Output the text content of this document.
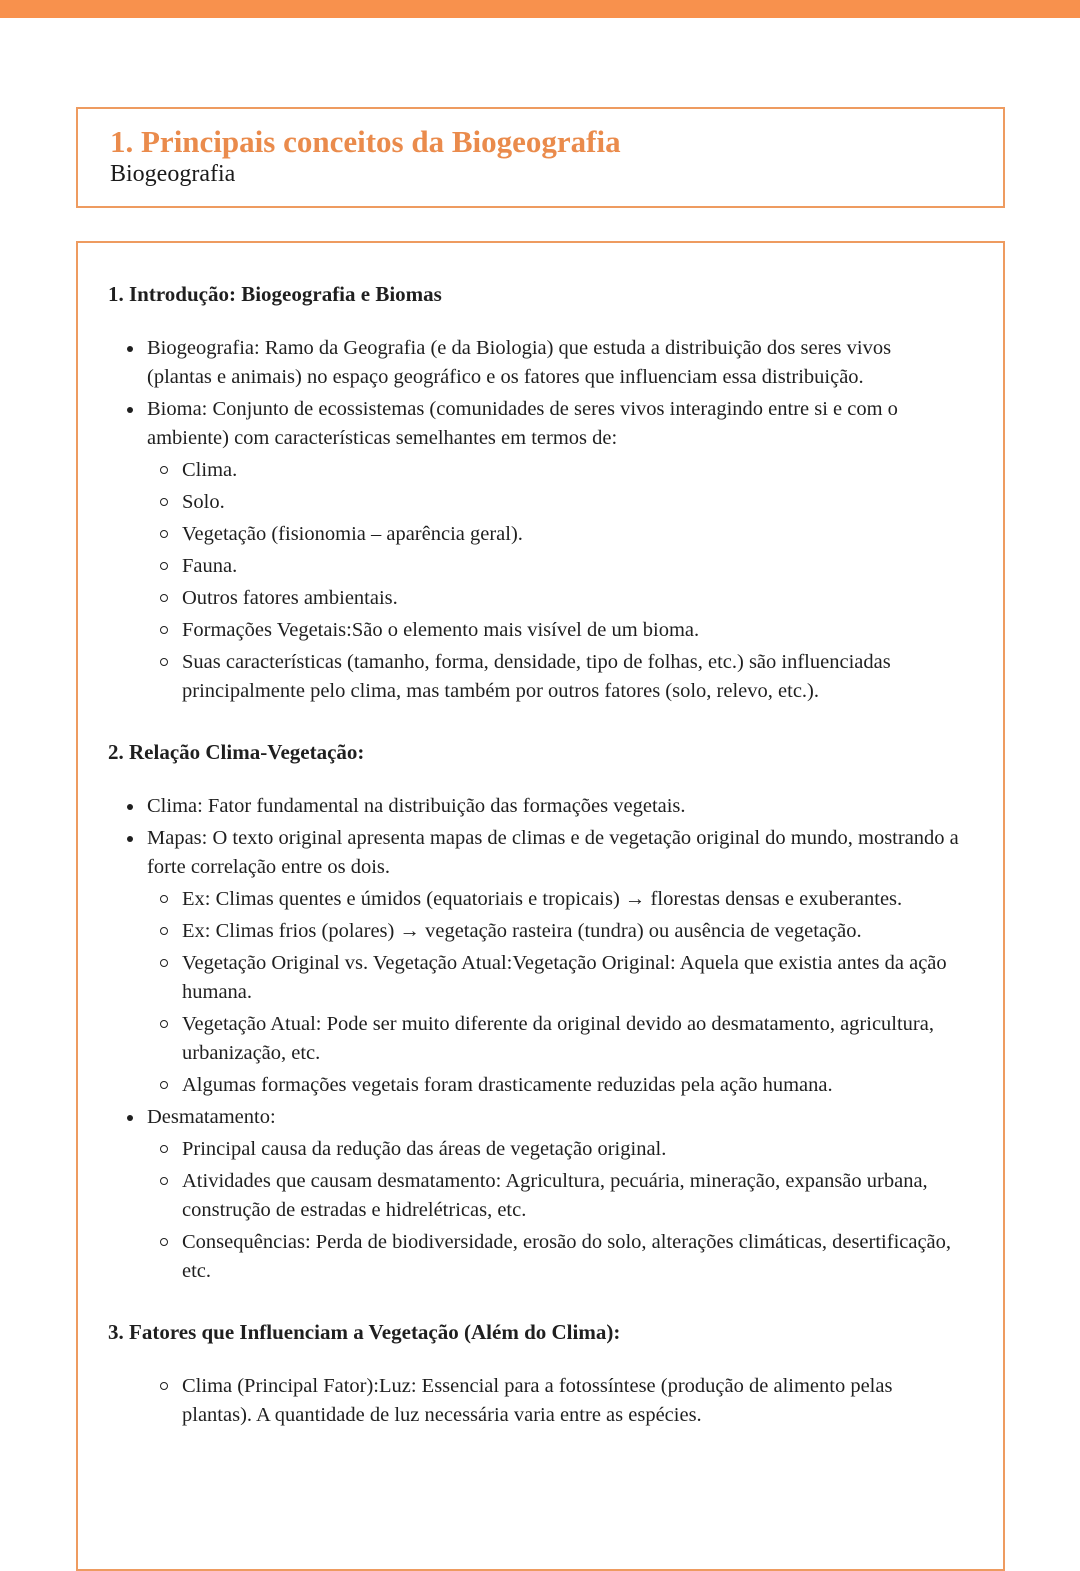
1. Principais conceitos da Biogeografia
Biogeografia
1. Introdução: Biogeografia e Biomas
Biogeografia: Ramo da Geografia (e da Biologia) que estuda a distribuição dos seres vivos (plantas e animais) no espaço geográfico e os fatores que influenciam essa distribuição.
Bioma: Conjunto de ecossistemas (comunidades de seres vivos interagindo entre si e com o ambiente) com características semelhantes em termos de:
Clima.
Solo.
Vegetação (fisionomia – aparência geral).
Fauna.
Outros fatores ambientais.
Formações Vegetais:São o elemento mais visível de um bioma.
Suas características (tamanho, forma, densidade, tipo de folhas, etc.) são influenciadas principalmente pelo clima, mas também por outros fatores (solo, relevo, etc.).
2. Relação Clima-Vegetação:
Clima: Fator fundamental na distribuição das formações vegetais.
Mapas: O texto original apresenta mapas de climas e de vegetação original do mundo, mostrando a forte correlação entre os dois.
Ex: Climas quentes e úmidos (equatoriais e tropicais) → florestas densas e exuberantes.
Ex: Climas frios (polares) → vegetação rasteira (tundra) ou ausência de vegetação.
Vegetação Original vs. Vegetação Atual:Vegetação Original: Aquela que existia antes da ação humana.
Vegetação Atual: Pode ser muito diferente da original devido ao desmatamento, agricultura, urbanização, etc.
Algumas formações vegetais foram drasticamente reduzidas pela ação humana.
Desmatamento:
Principal causa da redução das áreas de vegetação original.
Atividades que causam desmatamento: Agricultura, pecuária, mineração, expansão urbana, construção de estradas e hidrelétricas, etc.
Consequências: Perda de biodiversidade, erosão do solo, alterações climáticas, desertificação, etc.
3. Fatores que Influenciam a Vegetação (Além do Clima):
Clima (Principal Fator):Luz: Essencial para a fotossíntese (produção de alimento pelas plantas). A quantidade de luz necessária varia entre as espécies.
